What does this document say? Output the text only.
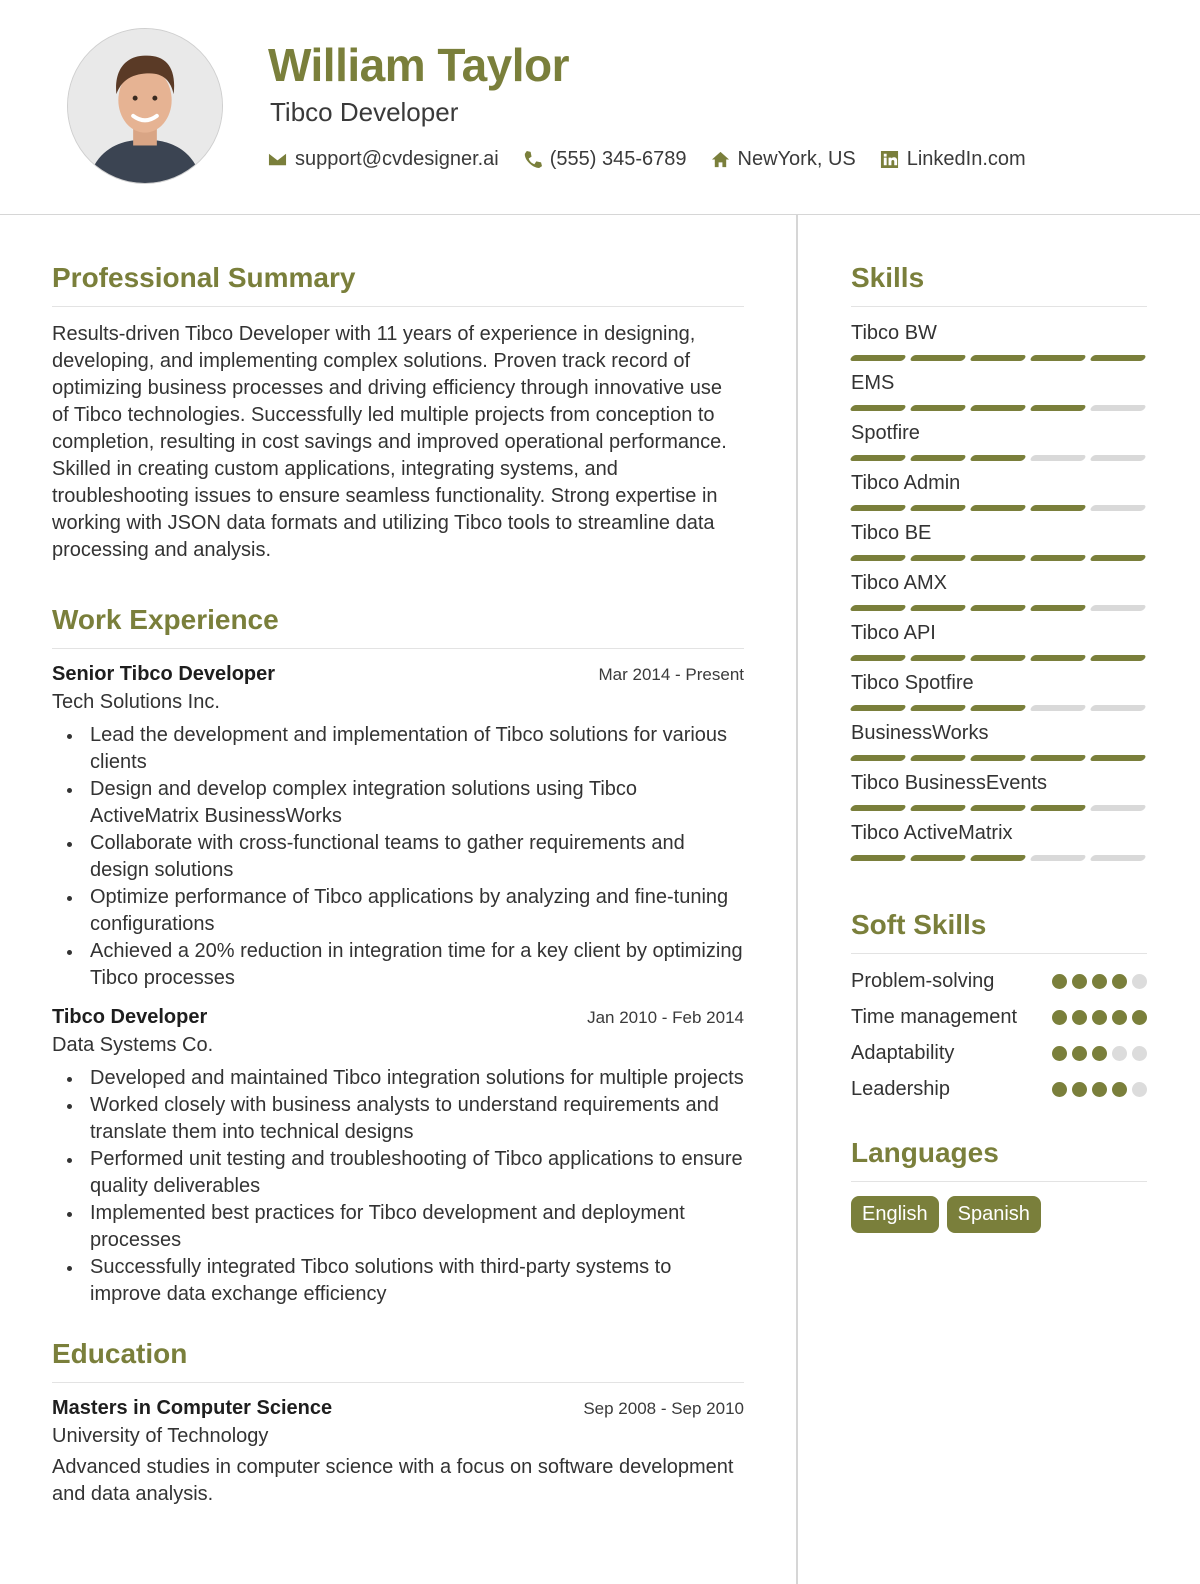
William Taylor
Tibco Developer
support@cvdesigner.ai	(555) 345-6789	NewYork, US	LinkedIn.com
Professional Summary

Results-driven Tibco Developer with 11 years of experience in designing, developing, and implementing complex solutions. Proven track record of optimizing business processes and driving efficiency through innovative use of Tibco technologies. Successfully led multiple projects from conception to completion, resulting in cost savings and improved operational performance. Skilled in creating custom applications, integrating systems, and troubleshooting issues to ensure seamless functionality. Strong expertise in working with JSON data formats and utilizing Tibco tools to streamline data processing and analysis.

Work Experience
Senior Tibco Developer	Mar 2014 - Present
Tech Solutions Inc.
Lead the development and implementation of Tibco solutions for various clients
Design and develop complex integration solutions using Tibco ActiveMatrix BusinessWorks
Collaborate with cross-functional teams to gather requirements and design solutions
Optimize performance of Tibco applications by analyzing and fine-tuning configurations
Achieved a 20% reduction in integration time for a key client by optimizing Tibco processes
Tibco Developer	Jan 2010 - Feb 2014
Data Systems Co.
Developed and maintained Tibco integration solutions for multiple projects
Worked closely with business analysts to understand requirements and translate them into technical designs
Performed unit testing and troubleshooting of Tibco applications to ensure quality deliverables
Implemented best practices for Tibco development and deployment processes
Successfully integrated Tibco solutions with third-party systems to improve data exchange efficiency
Education
Masters in Computer Science	Sep 2008 - Sep 2010
University of Technology

Advanced studies in computer science with a focus on software development and data analysis.

Skills
Tibco BW
EMS
Spotfire
Tibco Admin
Tibco BE
Tibco AMX
Tibco API
Tibco Spotfire
BusinessWorks
Tibco BusinessEvents
Tibco ActiveMatrix
Soft Skills
Problem-solving
Time management
Adaptability
Leadership
Languages
English	Spanish
